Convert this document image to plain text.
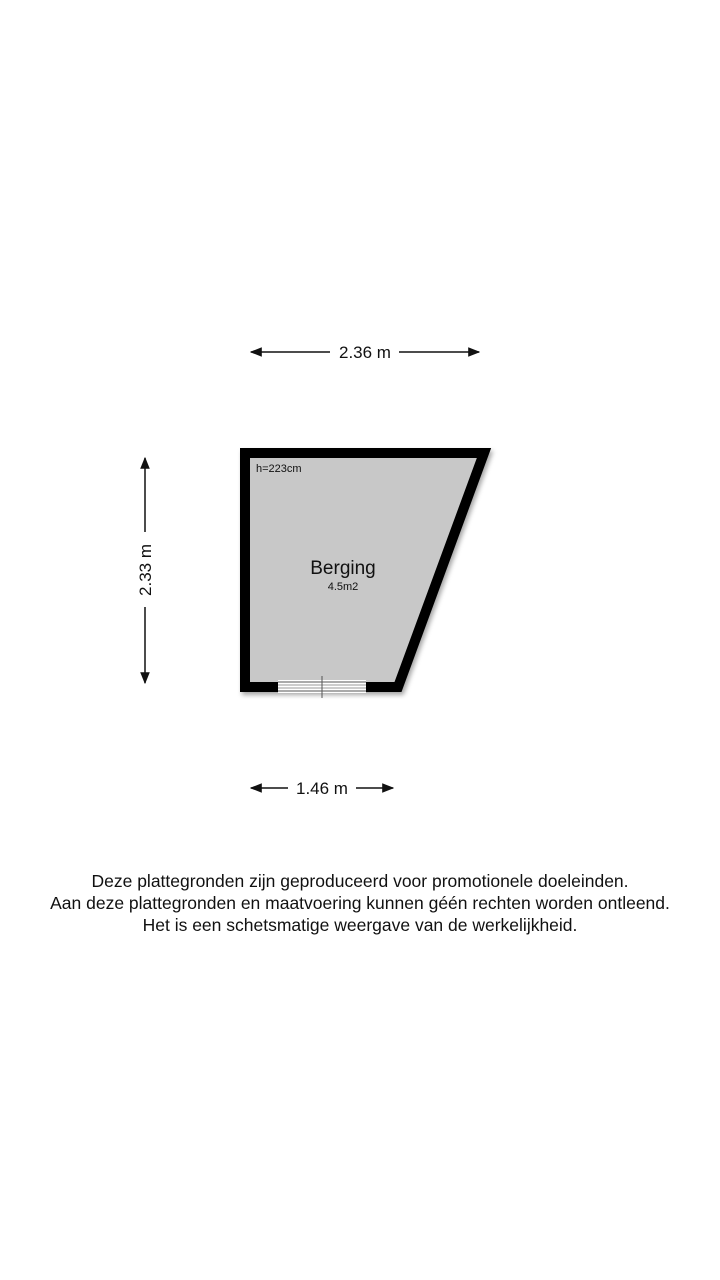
2.36 m
2.33 m
h=223cm
Berging
4.5m2
1.46 m
Deze plattegronden zijn geproduceerd voor promotionele doeleinden.
Aan deze plattegronden en maatvoering kunnen géén rechten worden ontleend.
Het is een schetsmatige weergave van de werkelijkheid.
